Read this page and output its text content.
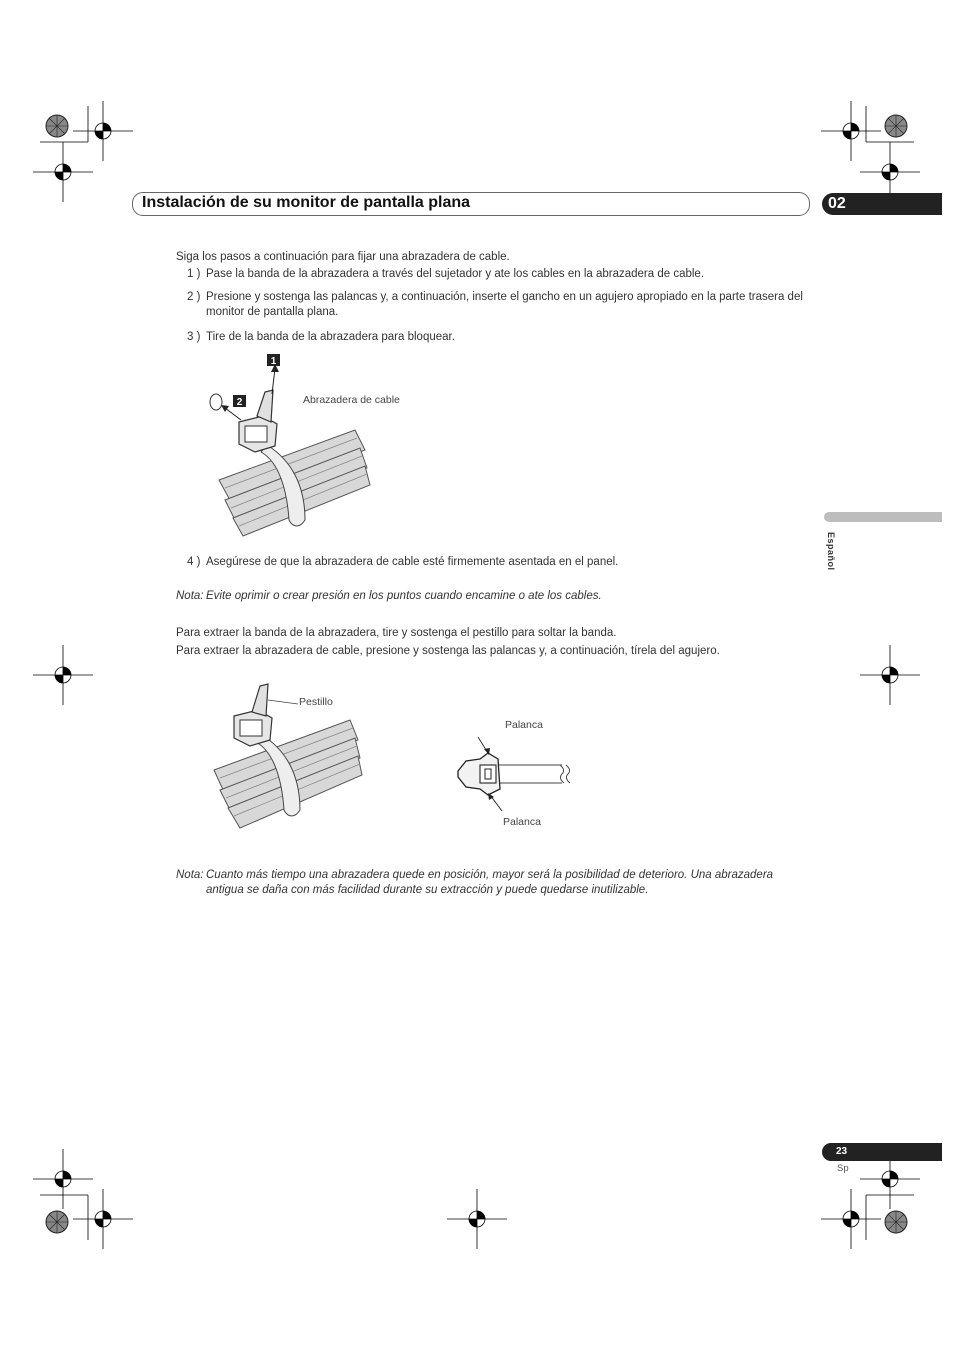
Instalación de su monitor de pantalla plana	02
Siga los pasos a continuación para fijar una abrazadera de cable.
1 ) Pase la banda de la abrazadera a través del sujetador y ate los cables en la abrazadera de cable.
2 ) Presione y sostenga las palancas y, a continuación, inserte el gancho en un agujero apropiado en la parte trasera del monitor de pantalla plana.
3 ) Tire de la banda de la abrazadera para bloquear.
1
2	Abrazadera de cable
4 ) Asegúrese de que la abrazadera de cable esté firmemente asentada en el panel.
Nota: Evite oprimir o crear presión en los puntos cuando encamine o ate los cables.
Para extraer la banda de la abrazadera, tire y sostenga el pestillo para soltar la banda.
Para extraer la abrazadera de cable, presione y sostenga las palancas y, a continuación, tírela del agujero.
Pestillo
Palanca
Palanca
Nota: Cuanto más tiempo una abrazadera quede en posición, mayor será la posibilidad de deterioro. Una abrazadera antigua se daña con más facilidad durante su extracción y puede quedarse inutilizable.
Español
23
Sp
